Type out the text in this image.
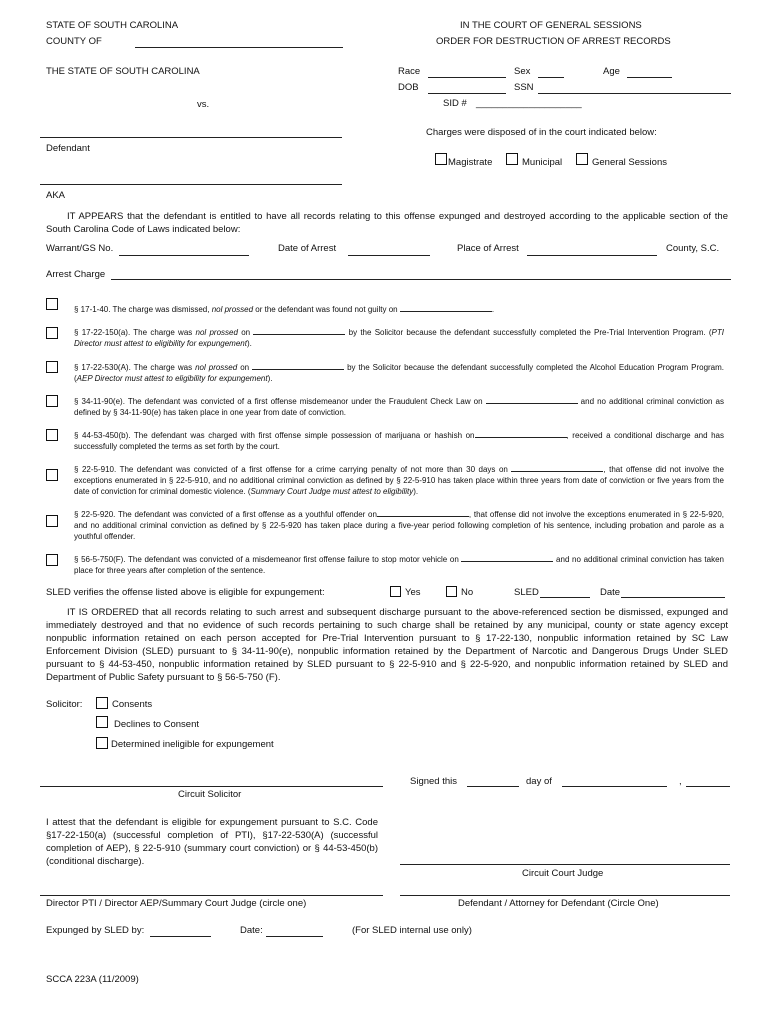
STATE OF SOUTH CAROLINA
COUNTY OF
IN THE COURT OF GENERAL SESSIONS
ORDER FOR DESTRUCTION OF ARREST RECORDS
THE STATE OF SOUTH CAROLINA	Race	Sex	Age
DOB	SSN
vs.	SID # ____________________
Defendant
Charges were disposed of in the court indicated below:
Magistrate	Municipal	General Sessions
AKA
IT APPEARS that the defendant is entitled to have all records relating to this offense expunged and destroyed according to the applicable section of the South Carolina Code of Laws indicated below:
Warrant/GS No.	Date of Arrest	Place of Arrest	County, S.C.
Arrest Charge
§ 17-1-40. The charge was dismissed, nol prossed or the defendant was found not guilty on	.
§ 17-22-150(a). The charge was nol prossed on	by the Solicitor because the defendant successfully completed the Pre-Trial Intervention Program. (PTI Director must attest to eligibility for expungement).
§ 17-22-530(A). The charge was nol prossed on	by the Solicitor because the defendant successfully completed the Alcohol Education Program Program. (AEP Director must attest to eligibility for expungement).
§ 34-11-90(e). The defendant was convicted of a first offense misdemeanor under the Fraudulent Check Law on	and no additional criminal conviction as defined by § 34-11-90(e) has taken place in one year from date of conviction.
§ 44-53-450(b). The defendant was charged with first offense simple possession of marijuana or hashish on	, received a conditional discharge and has successfully completed the terms as set forth by the court.
§ 22-5-910. The defendant was convicted of a first offense for a crime carrying penalty of not more than 30 days on	, that offense did not involve the exceptions enumerated in § 22-5-910, and no additional criminal conviction as defined by § 22-5-910 has taken place within three years from date of conviction or five years from the date of conviction for criminal domestic violence. (Summary Court Judge must attest to eligibility).
§ 22-5-920. The defendant was convicted of a first offense as a youthful offender on	, that offense did not involve the exceptions enumerated in § 22-5-920, and no additional criminal conviction as defined by § 22-5-920 has taken place during a five-year period following completion of his sentence, including probation and parole as a youthful offender.
§ 56-5-750(F). The defendant was convicted of a misdemeanor first offense failure to stop motor vehicle on	and no additional criminal conviction has taken place for three years after completion of the sentence.
SLED verifies the offense listed above is eligible for expungement:	Yes	No	SLED	Date
IT IS ORDERED that all records relating to such arrest and subsequent discharge pursuant to the above-referenced section be dismissed, expunged and immediately destroyed and that no evidence of such records pertaining to such charge shall be retained by any municipal, county or state agency except nonpublic information retained on each person accepted for Pre-Trial Intervention pursuant to § 17-22-130, nonpublic information retained by SC Law Enforcement Division (SLED) pursuant to § 34-11-90(e), nonpublic information retained by the Department of Narcotic and Dangerous Drugs Under SLED pursuant to § 44-53-450, nonpublic information retained by SLED pursuant to § 22-5-910 and § 22-5-920, and nonpublic information retained by SLED and Department of Public Safety pursuant to § 56-5-750 (F).
Solicitor:	Consents
Declines to Consent
Determined ineligible for expungement
Circuit Solicitor
Signed this	day of	,
I attest that the defendant is eligible for expungement pursuant to S.C. Code §17-22-150(a) (successful completion of PTI), §17-22-530(A) (successful completion of AEP), § 22-5-910 (summary court conviction) or § 44-53-450(b) (conditional discharge).
Circuit Court Judge
Director PTI / Director AEP/Summary Court Judge (circle one)	Defendant / Attorney for Defendant (Circle One)
Expunged by SLED by:	Date:	(For SLED internal use only)
SCCA 223A (11/2009)
